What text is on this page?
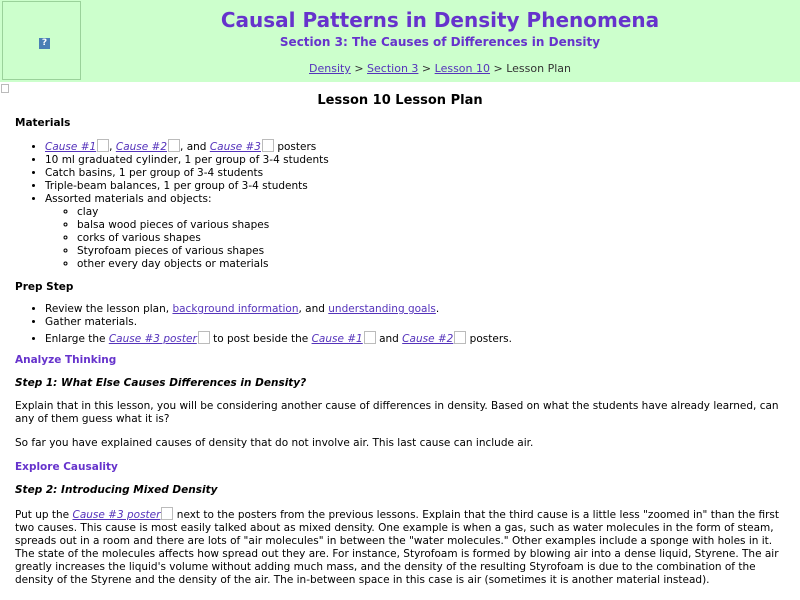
?
Causal Patterns in Density Phenomena
Section 3: The Causes of Differences in Density
Density > Section 3 > Lesson 10 > Lesson Plan
Lesson 10 Lesson Plan
Materials
• Cause #1 , Cause #2 , and Cause #3 posters
• 10 ml graduated cylinder, 1 per group of 3-4 students
• Catch basins, 1 per group of 3-4 students
• Triple-beam balances, 1 per group of 3-4 students
• Assorted materials and objects:
◦ clay
◦ balsa wood pieces of various shapes
◦ corks of various shapes
◦ Styrofoam pieces of various shapes
◦ other every day objects or materials
Prep Step
• Review the lesson plan, background information, and understanding goals.
• Gather materials.
• Enlarge the Cause #3 poster to post beside the Cause #1 and Cause #2 posters.
Analyze Thinking
Step 1: What Else Causes Differences in Density?

Explain that in this lesson, you will be considering another cause of differences in density. Based on what the students have already learned, can any of them guess what it is?

So far you have explained causes of density that do not involve air. This last cause can include air.

Explore Causality
Step 2: Introducing Mixed Density

Put up the Cause #3 poster next to the posters from the previous lessons. Explain that the third cause is a little less "zoomed in" than the first two causes. This cause is most easily talked about as mixed density. One example is when a gas, such as water molecules in the form of steam, spreads out in a room and there are lots of "air molecules" in between the "water molecules." Other examples include a sponge with holes in it. The state of the molecules affects how spread out they are. For instance, Styrofoam is formed by blowing air into a dense liquid, Styrene. The air greatly increases the liquid's volume without adding much mass, and the density of the resulting Styrofoam is due to the combination of the density of the Styrene and the density of the air. The in-between space in this case is air (sometimes it is another material instead).
